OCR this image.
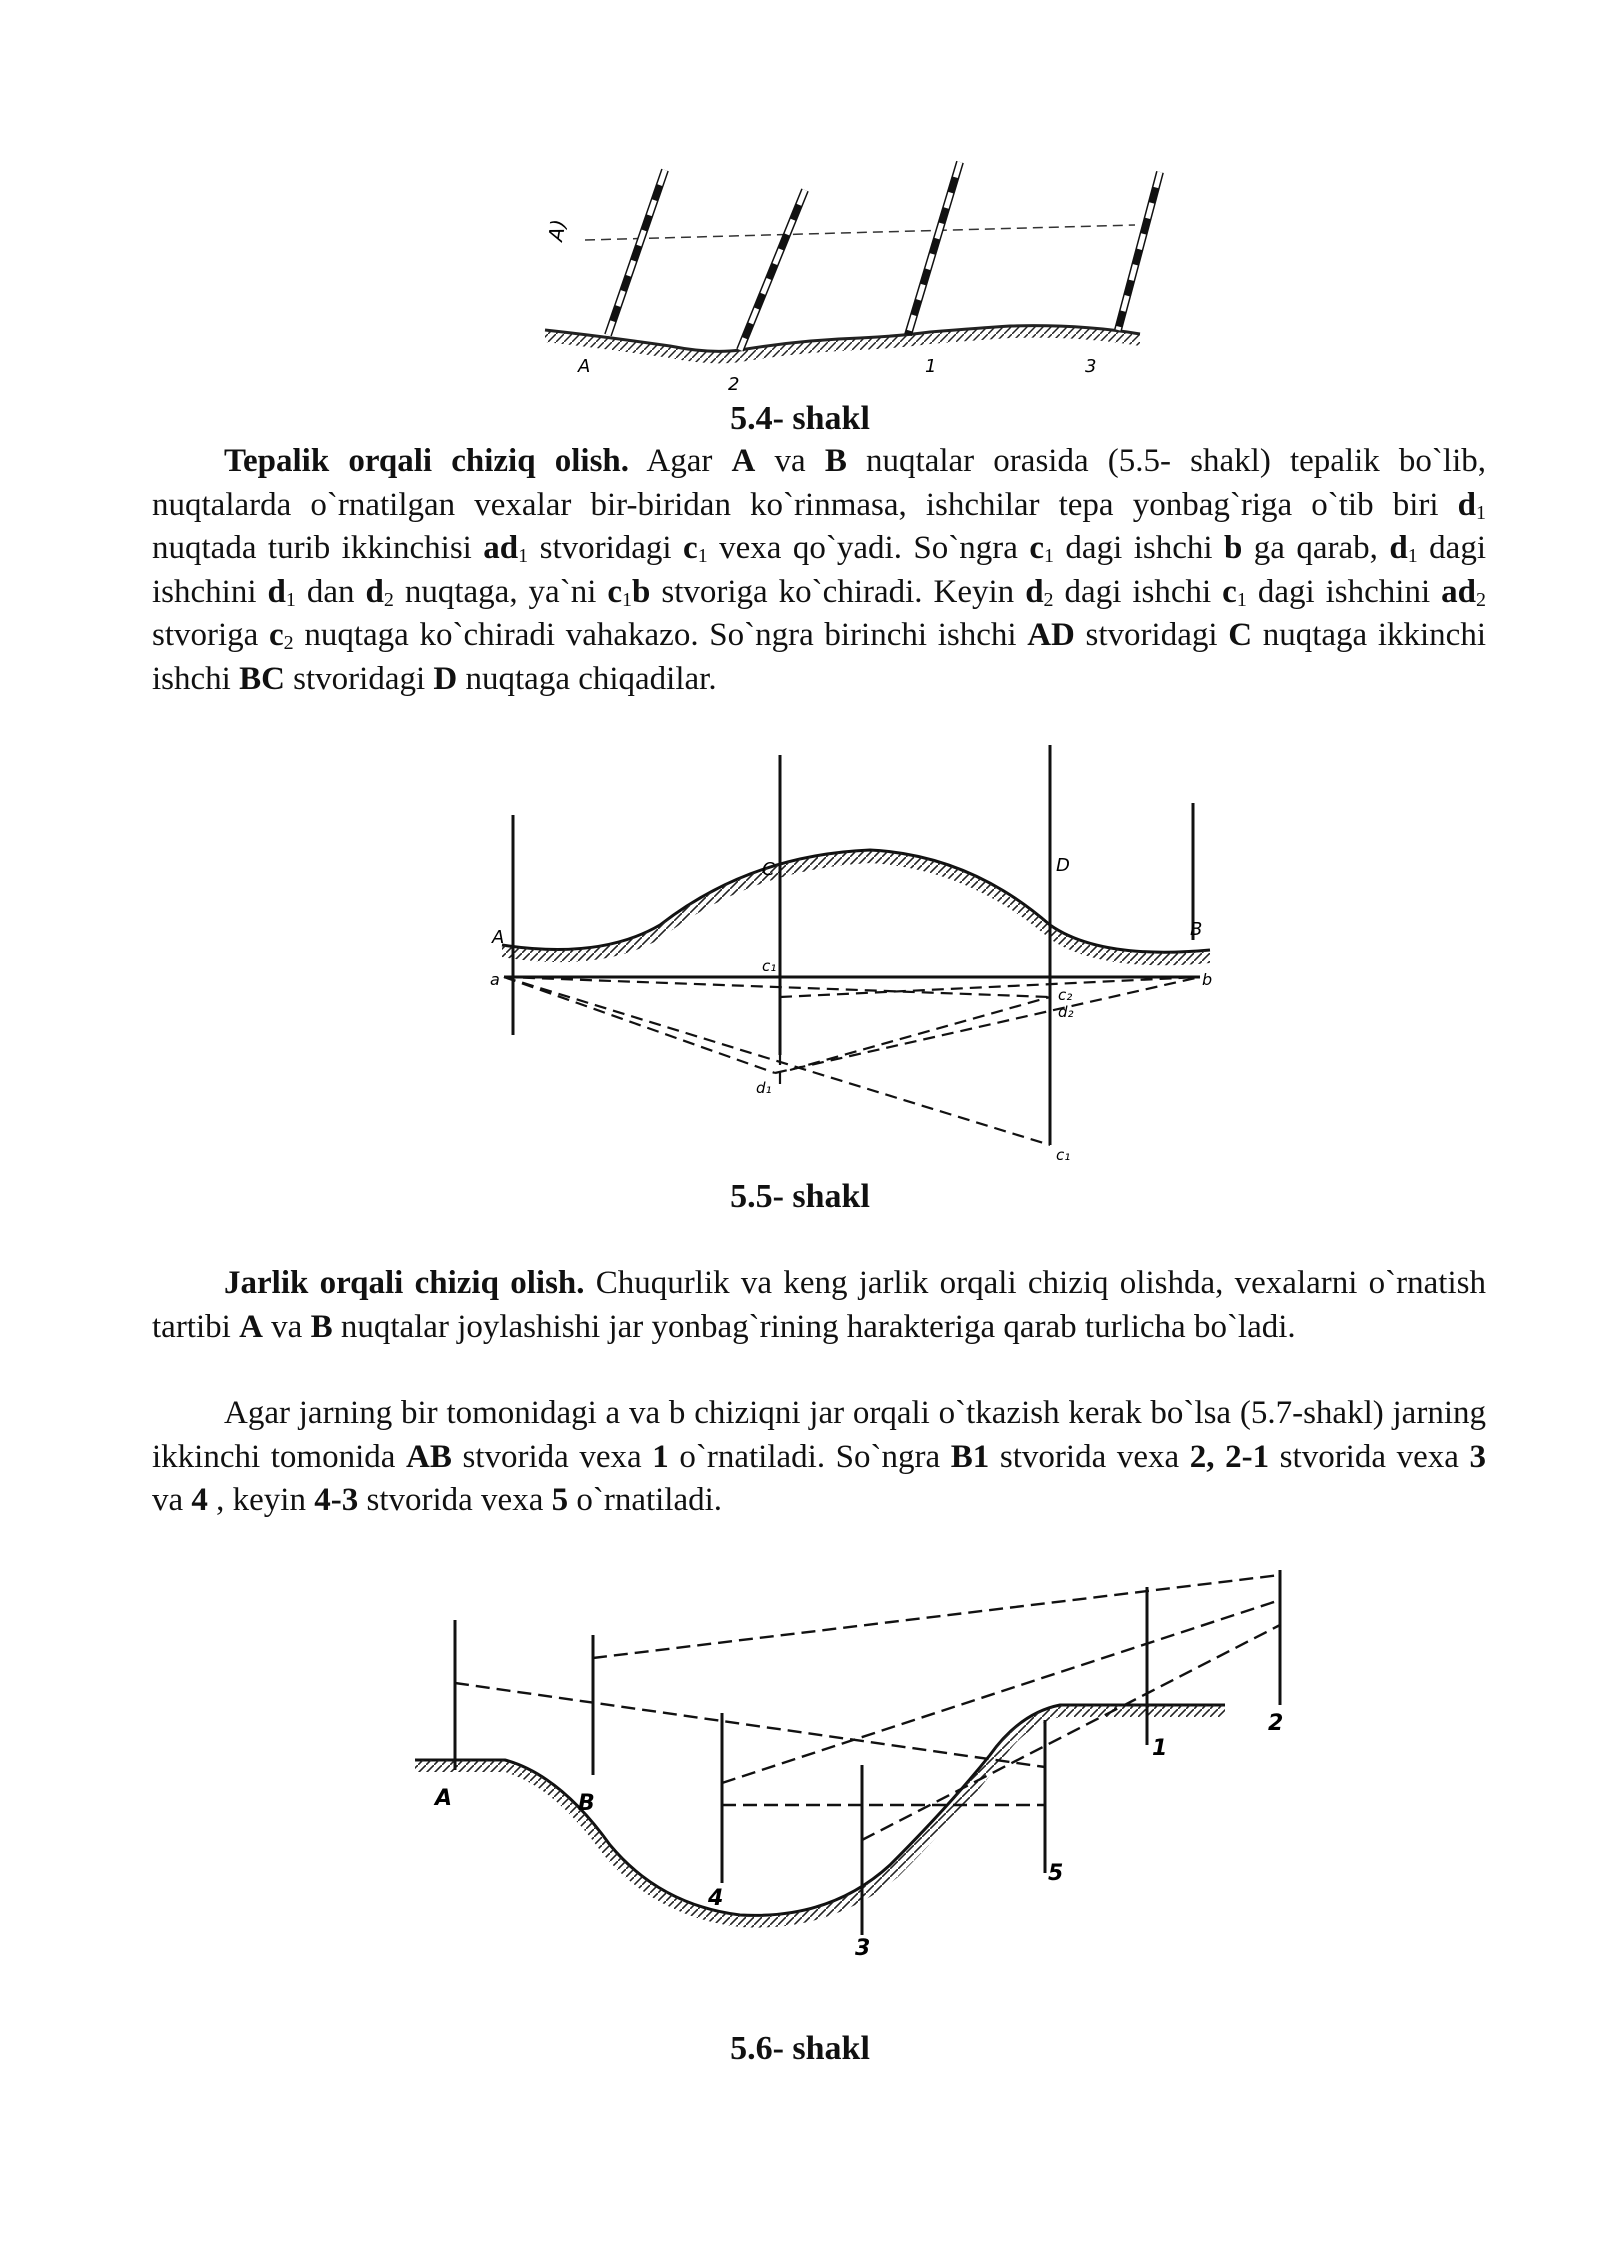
A)
A
2
1	3
5.4- shakl

Tepalik orqali chiziq olish. Agar A va B nuqtalar orasida (5.5- shakl) tepalik bo`lib, nuqtalarda o`rnatilgan vexalar bir-biridan ko`rinmasa, ishchilar tepa yonbag`riga o`tib biri $d_1$ nuqtada turib ikkinchisi $ad_1$ stvoridagi $c_1$ vexa qo`yadi. So`ngra $c_1$ dagi ishchi b ga qarab, $d_1$ dagi ishchini $d_1$ dan $d_2$ nuqtaga, ya`ni $c_1b$ stvoriga ko`chiradi. Keyin $d_2$ dagi ishchi $c_1$ dagi ishchini $ad_2$ stvoriga $c_2$ nuqtaga ko`chiradi vahakazo. So`ngra birinchi ishchi AD stvoridagi C nuqtaga ikkinchi ishchi BC stvoridagi D nuqtaga chiqadilar.

A
C	D
B
a	b
c₁
d₁
c₂
d₂
c₁
5.5- shakl

Jarlik orqali chiziq olish. Chuqurlik va keng jarlik orqali chiziq olishda, vexalarni o`rnatish tartibi A va B nuqtalar joylashishi jar yonbag`rining harakteriga qarab turlicha bo`ladi.

Agar jarning bir tomonidagi a va b chiziqni jar orqali o`tkazish kerak bo`lsa (5.7-shakl) jarning ikkinchi tomonida AB stvorida vexa 1 o`rnatiladi. So`ngra B1 stvorida vexa 2, 2-1 stvorida vexa 3 va 4 , keyin 4-3 stvorida vexa 5 o`rnatiladi.

A	B
4
3
5
1
2
5.6- shakl
